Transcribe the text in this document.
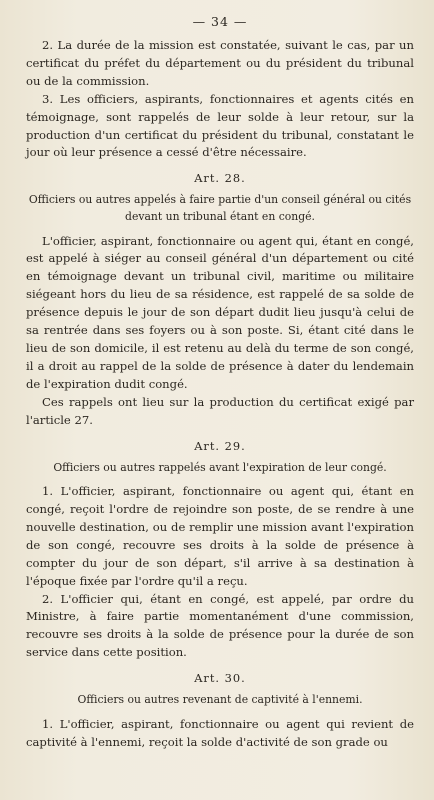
— 34 —

2. La durée de la mission est constatée, suivant le cas, par un certificat du préfet du département ou du président du tribunal ou de la commission.

3. Les officiers, aspirants, fonctionnaires et agents cités en témoignage, sont rappelés de leur solde à leur retour, sur la production d'un certificat du président du tribunal, constatant le jour où leur présence a cessé d'être nécessaire.

Art. 28.
Officiers ou autres appelés à faire partie d'un conseil général ou cités devant un tribunal étant en congé.

L'officier, aspirant, fonctionnaire ou agent qui, étant en congé, est appelé à siéger au conseil général d'un département ou cité en témoignage devant un tribunal civil, maritime ou militaire siégeant hors du lieu de sa résidence, est rappelé de sa solde de présence depuis le jour de son départ dudit lieu jusqu'à celui de sa rentrée dans ses foyers ou à son poste. Si, étant cité dans le lieu de son domicile, il est retenu au delà du terme de son congé, il a droit au rappel de la solde de présence à dater du lendemain de l'expiration dudit congé.

Ces rappels ont lieu sur la production du certificat exigé par l'article 27.

Art. 29.
Officiers ou autres rappelés avant l'expiration de leur congé.

1. L'officier, aspirant, fonctionnaire ou agent qui, étant en congé, reçoit l'ordre de rejoindre son poste, de se rendre à une nouvelle destination, ou de remplir une mission avant l'expiration de son congé, recouvre ses droits à la solde de présence à compter du jour de son départ, s'il arrive à sa destination à l'époque fixée par l'ordre qu'il a reçu.

2. L'officier qui, étant en congé, est appelé, par ordre du Ministre, à faire partie momentanément d'une commission, recouvre ses droits à la solde de présence pour la durée de son service dans cette position.

Art. 30.
Officiers ou autres revenant de captivité à l'ennemi.

1. L'officier, aspirant, fonctionnaire ou agent qui revient de captivité à l'ennemi, reçoit la solde d'activité de son grade ou
